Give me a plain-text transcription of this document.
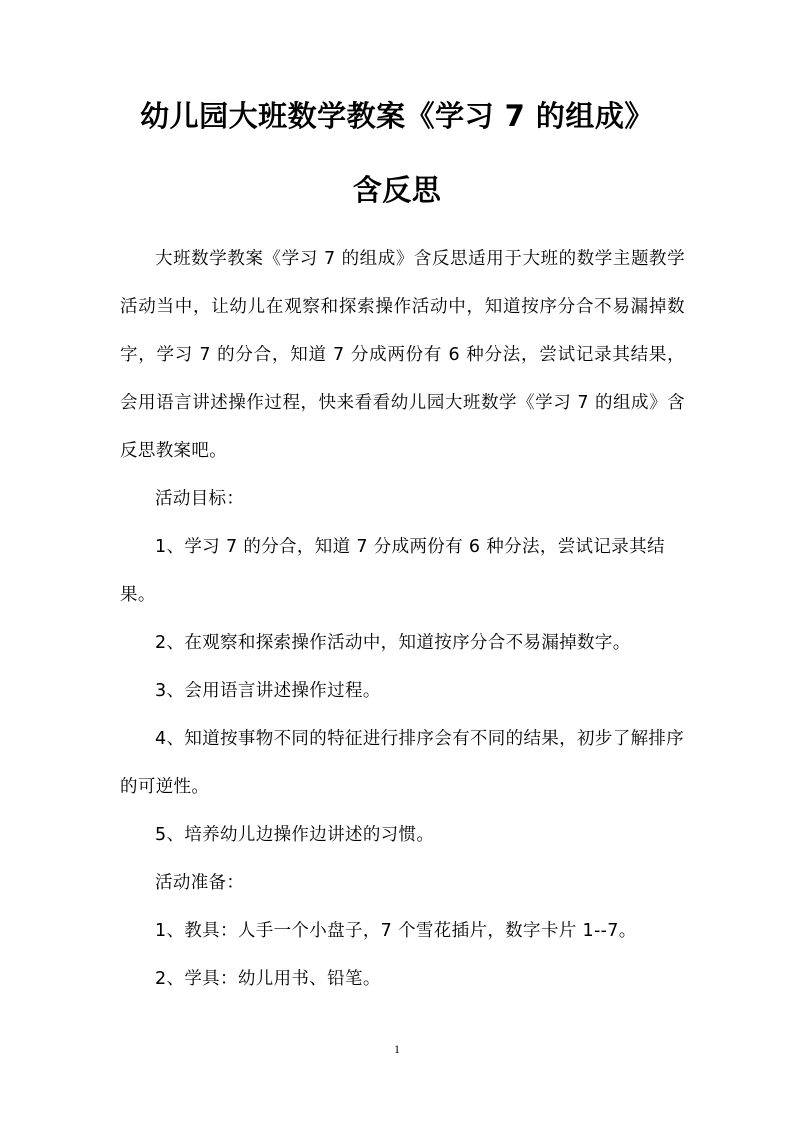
幼儿园大班数学教案《学习 7 的组成》
含反思

大班数学教案《学习 7 的组成》含反思适用于大班的数学主题教学活动当中，让幼儿在观察和探索操作活动中，知道按序分合不易漏掉数字，学习 7 的分合，知道 7 分成两份有 6 种分法，尝试记录其结果，会用语言讲述操作过程，快来看看幼儿园大班数学《学习 7 的组成》含反思教案吧。

活动目标：

1、学习 7 的分合，知道 7 分成两份有 6 种分法，尝试记录其结果。

2、在观察和探索操作活动中，知道按序分合不易漏掉数字。

3、会用语言讲述操作过程。

4、知道按事物不同的特征进行排序会有不同的结果，初步了解排序的可逆性。

5、培养幼儿边操作边讲述的习惯。

活动准备：

1、教具：人手一个小盘子，7 个雪花插片，数字卡片 1--7。

2、学具：幼儿用书、铅笔。

1
